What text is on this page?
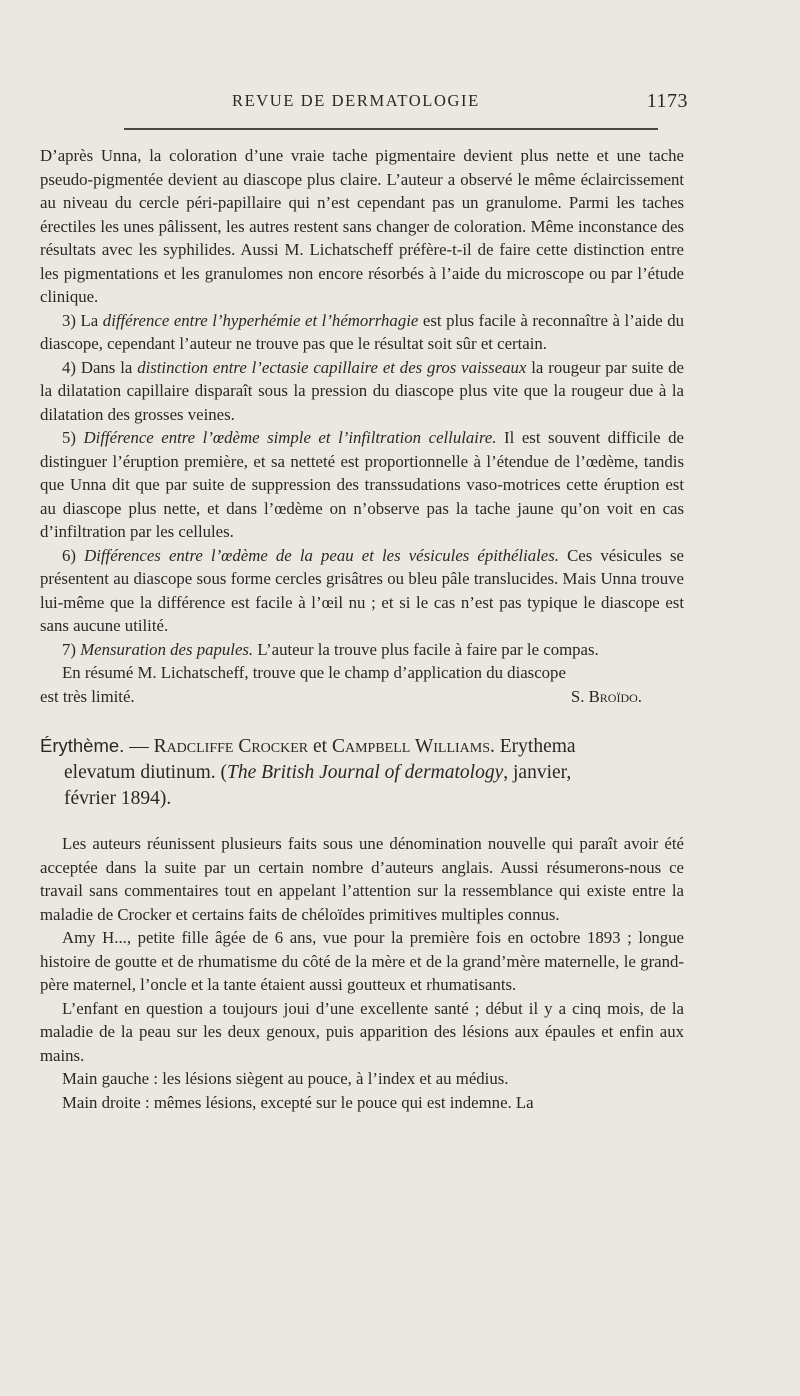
REVUE DE DERMATOLOGIE	1173

D’après Unna, la coloration d’une vraie tache pigmentaire devient plus nette et une tache pseudo-pigmentée devient au diascope plus claire. L’auteur a observé le même éclaircissement au niveau du cercle péri-papillaire qui n’est cependant pas un granulome. Parmi les taches érectiles les unes pâlissent, les autres restent sans changer de coloration. Même inconstance des résultats avec les syphilides. Aussi M. Lichatscheff préfère-t-il de faire cette distinction entre les pigmentations et les granulomes non encore résorbés à l’aide du microscope ou par l’étude clinique.

3) La différence entre l’hyperhémie et l’hémorrhagie est plus facile à reconnaître à l’aide du diascope, cependant l’auteur ne trouve pas que le résultat soit sûr et certain.

4) Dans la distinction entre l’ectasie capillaire et des gros vaisseaux la rougeur par suite de la dilatation capillaire disparaît sous la pression du diascope plus vite que la rougeur due à la dilatation des grosses veines.

5) Différence entre l’œdème simple et l’infiltration cellulaire. Il est souvent difficile de distinguer l’éruption première, et sa netteté est proportionnelle à l’étendue de l’œdème, tandis que Unna dit que par suite de suppression des transsudations vaso-motrices cette éruption est au diascope plus nette, et dans l’œdème on n’observe pas la tache jaune qu’on voit en cas d’infiltration par les cellules.

6) Différences entre l’œdème de la peau et les vésicules épithéliales. Ces vésicules se présentent au diascope sous forme cercles grisâtres ou bleu pâle translucides. Mais Unna trouve lui-même que la différence est facile à l’œil nu ; et si le cas n’est pas typique le diascope est sans aucune utilité.

7) Mensuration des papules. L’auteur la trouve plus facile à faire par le compas.

En résumé M. Lichatscheff, trouve que le champ d’application du diascope

est très limité.	S. Broïdo.

Érythème. — Radcliffe Crocker et Campbell Williams. Erythema
elevatum diutinum. (The British Journal of dermatology, janvier,
février 1894).

Les auteurs réunissent plusieurs faits sous une dénomination nouvelle qui paraît avoir été acceptée dans la suite par un certain nombre d’auteurs anglais. Aussi résumerons-nous ce travail sans commentaires tout en appelant l’attention sur la ressemblance qui existe entre la maladie de Crocker et certains faits de chéloïdes primitives multiples connus.

Amy H..., petite fille âgée de 6 ans, vue pour la première fois en octobre 1893 ; longue histoire de goutte et de rhumatisme du côté de la mère et de la grand’mère maternelle, le grand-père maternel, l’oncle et la tante étaient aussi goutteux et rhumatisants.

L’enfant en question a toujours joui d’une excellente santé ; début il y a cinq mois, de la maladie de la peau sur les deux genoux, puis apparition des lésions aux épaules et enfin aux mains.

Main gauche : les lésions siègent au pouce, à l’index et au médius.

Main droite : mêmes lésions, excepté sur le pouce qui est indemne. La
